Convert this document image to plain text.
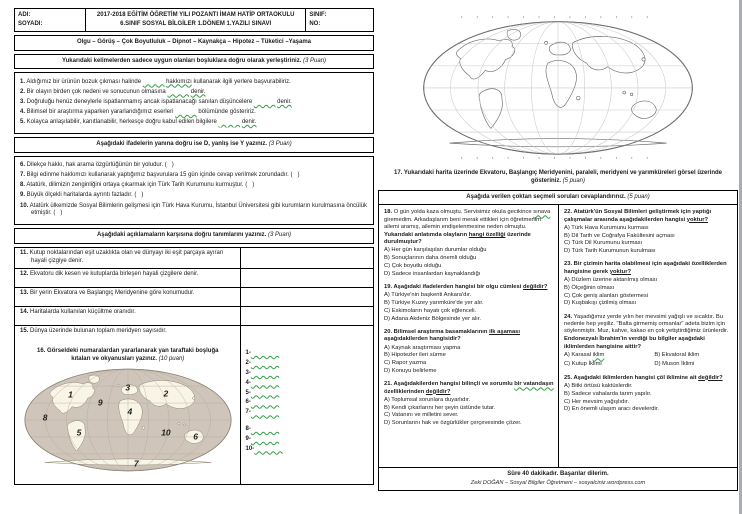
ADI:
SOYADI:

2017-2018 EĞİTİM ÖĞRETİM YILI POZANTI İMAM HATİP ORTAOKULU
6.SINIF SOSYAL BİLGİLER 1.DÖNEM 1.YAZILI SINAVI

SINIF:
NO:
Olgu – Görüş – Çok Boyutluluk – Dipnot – Kaynakça – Hipotez – Tüketici –Yaşama
Yukarıdaki kelimelerden sadece uygun olanları boşluklara doğru olarak yerleştiriniz. (3 Puan)
1. Aldığımız bir ürünün bozuk çıkması halinde	hakkımızı kullanarak ilgili yerlere başvurabiliriz.
2. Bir olayın birden çok nedeni ve sonucunun olmasına	denir.
3. Doğruluğu henüz deneylerle ispatlanmamış ancak ispatlanacağı sanılan düşüncelere	denir.
4. Bilimsel bir araştırma yaparken yararlandığımız eserleri	bölümünde gösteririz.
5. Kolayca anlaşılabilir, kanıtlanabilir, herkesçe doğru kabul edilen bilgilere	denir.
Aşağıdaki ifadelerin yanına doğru ise D, yanlış ise Y yazınız. (3 Puan)
6. Dilekçe hakkı, hak arama özgürlüğünün bir yoludur. (   )
7. Bilgi edinme hakkımızı kullanarak yaptığımız başvurulara 15 gün içinde cevap verilmek zorundadır. (   )
8. Atatürk, dilimizin zenginliğini ortaya çıkarmak için Türk Tarih Kurumunu kurmuştur. (   )
9. Büyük ölçekli haritalarda ayrıntı fazladır. (   )
10. Atatürk ülkemizde Sosyal Bilimlerin gelişmesi için Türk Hava Kurumu, İstanbul Üniversitesi gibi kurumların kurulmasına öncülük etmiştir. (   )
Aşağıdaki açıklamaların karşısına doğru tanımlarını yazınız. (3 Puan)
11. Kutup noktalarından eşit uzaklıkta olan ve dünyayı iki eşit parçaya ayıran hayali çizgiye denir.
12. Ekvatoru dik kesen ve kutuplarda birleşen hayali çizgilere denir.
13. Bir yerin Ekvatora ve Başlangıç Meridyenine göre konumudur.
14. Haritalarda kullanılan küçültme oranıdır.
15. Dünya üzerinde bulunan toplam meridyen sayısıdır.
16. Görseldeki numaralardan yararlanarak yan taraftaki boşluğa kıtaları ve okyanusları yazınız. (10 puan)
1	2
3
4
5	6
7
8
9
10
1-
2-
3-
4-
5-
6-
7-
8-
9-
10-
17. Yukarıdaki harita üzerinde Ekvatoru, Başlangıç Meridyenini, paraleli, meridyeni ve yarımküreleri görsel üzerinde gösteriniz. (5 puan)
Aşağıda verilen çoktan seçmeli soruları cevaplandırınız. (5 puan)

18. O gün yolda kaza olmuştu. Servisimiz okula gecikince sınava giremedim. Arkadaşlarım beni merak ettikleri için öğretmenim ailemi aramış, ailemin endişelenmesine neden olmuştu.

Yukarıdaki anlatımda olayların hangi özelliği üzerinde durulmuştur?

A) Her gün karşılaşılan durumlar olduğu
B) Sonuçlarının daha önemli olduğu
C) Çok boyutlu olduğu
D) Sadece insanlardan kaynaklandığı

19. Aşağıdaki ifadelerden hangisi bir olgu cümlesi değildir?

A) Türkiye'nin başkenti Ankara'dır.
B) Türkiye Kuzey yarımküre'de yer alır.
C) Eskimoların hayatı çok eğlenceli.
D) Adana Akdeniz Bölgesinde yer alır.

20. Bilimsel araştırma basamaklarının ilk aşaması aşağıdakilerden hangisidir?

A) Kaynak araştırması yapma
B) Hipotezler ileri sürme
C) Rapor yazma
D) Konuyu belirleme

21. Aşağıdakilerden hangisi bilinçli ve sorumlu bir vatandaşın özelliklerinden değildir?

A) Toplumsal sorunlara duyarlıdır.
B) Kendi çıkarlarını her şeyin üstünde tutar.
C) Vatanını ve milletini sever.
D) Sorunlarını hak ve özgürlükler çerçevesinde çözer.

22. Atatürk'ün Sosyal Bilimleri geliştirmek için yaptığı çalışmalar arasında aşağıdakilerden hangisi yoktur?

A) Türk Hava Kurumunu kurması
B) Dil Tarih ve Coğrafya Fakültesini açması
C) Türk Dil Kurumunu kurması
D) Türk Tarih Kurumunun kurulması

23. Bir çizimin harita olabilmesi için aşağıdaki özelliklerden hangisine gerek yoktur?

A) Düzlem üzerine aktarılmış olması
B) Ölçeğinin olması
C) Çok geniş alanları göstermesi
D) Kuşbakışı çizilmiş olması

24. Yaşadığımız yerde yılın her mevsimi yağışlı ve sıcaktır. Bu nedenle hep yeşiliz. "Balta girmemiş ormanlar" adeta bizim için söylenmiştir. Muz, kahve, kakao en çok yetiştirdiğimiz ürünlerdir.

Endonezyalı İbrahim'in verdiği bu bilgiler aşağıdaki iklimlerden hangisine aittir?

A) Karasal iklim	B) Ekvatoral iklim
C) Kutup İklimi	D) Muson İklimi

25. Aşağıdaki iklimlerden hangisi çöl iklimine ait değildir?

A) Bitki örtüsü kaktüslerdir.
B) Sadece vahalarda tarım yapılır.
C) Her mevsim yağışlıdır.
D) En önemli ulaşım aracı develerdir.
Süre 40 dakikadır. Başarılar dilerim.
Zeki DOĞAN – Sosyal Bilgiler Öğretmeni – sosyalciniz.wordpress.com
